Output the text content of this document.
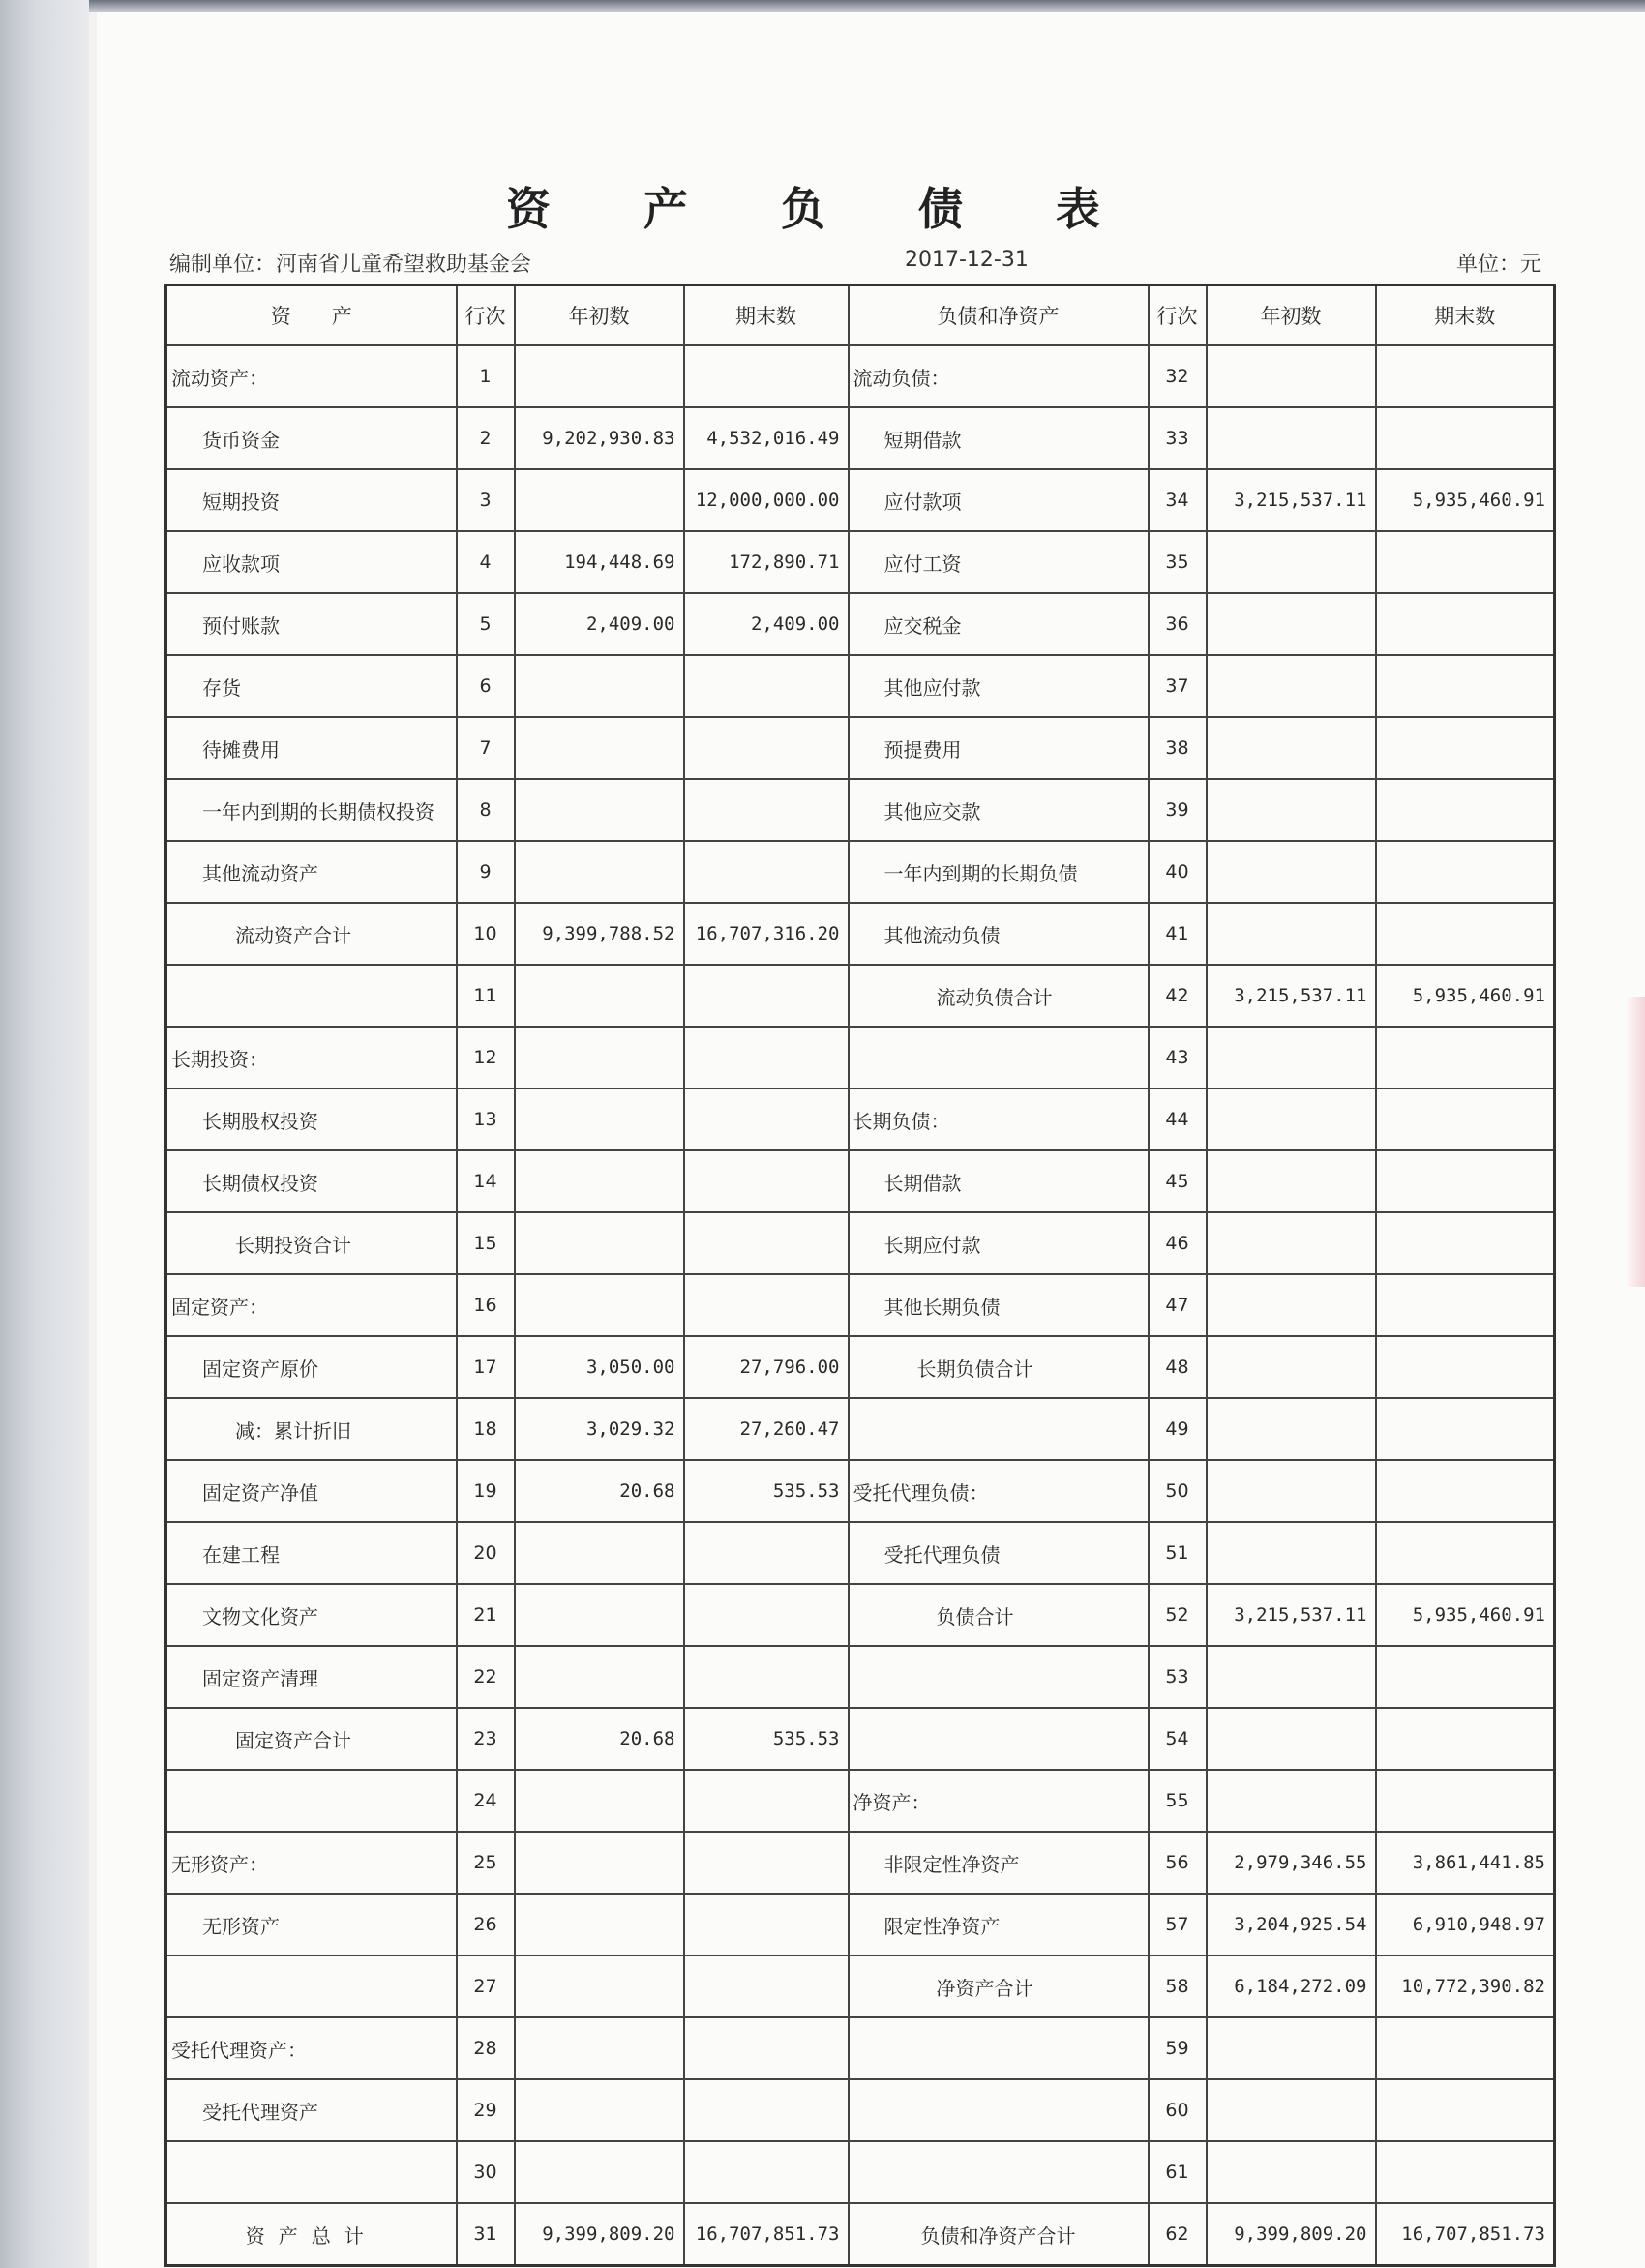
资 产 负 债 表
编制单位：河南省儿童希望救助基金会	2017-12-31	单位：元
资　　产	行次	年初数	期末数	负债和净资产	行次	年初数	期末数
流动资产：	1			流动负债：	32		
货币资金	2	9,202,930.83	4,532,016.49	短期借款	33		
短期投资	3		12,000,000.00	应付款项	34	3,215,537.11	5,935,460.91
应收款项	4	194,448.69	172,890.71	应付工资	35		
预付账款	5	2,409.00	2,409.00	应交税金	36		
存货	6			其他应付款	37		
待摊费用	7			预提费用	38		
一年内到期的长期债权投资	8			其他应交款	39		
其他流动资产	9			一年内到期的长期负债	40		
流动资产合计	10	9,399,788.52	16,707,316.20	其他流动负债	41		
	11			流动负债合计	42	3,215,537.11	5,935,460.91
长期投资：	12				43		
长期股权投资	13			长期负债：	44		
长期债权投资	14			长期借款	45		
长期投资合计	15			长期应付款	46		
固定资产：	16			其他长期负债	47		
固定资产原价	17	3,050.00	27,796.00	长期负债合计	48		
减：累计折旧	18	3,029.32	27,260.47		49		
固定资产净值	19	20.68	535.53	受托代理负债：	50		
在建工程	20			受托代理负债	51		
文物文化资产	21			负债合计	52	3,215,537.11	5,935,460.91
固定资产清理	22				53		
固定资产合计	23	20.68	535.53		54		
	24			净资产：	55		
无形资产：	25			非限定性净资产	56	2,979,346.55	3,861,441.85
无形资产	26			限定性净资产	57	3,204,925.54	6,910,948.97
	27			净资产合计	58	6,184,272.09	10,772,390.82
受托代理资产：	28				59		
受托代理资产	29				60		
	30				61		
资产总计	31	9,399,809.20	16,707,851.73	负债和净资产合计	62	9,399,809.20	16,707,851.73
